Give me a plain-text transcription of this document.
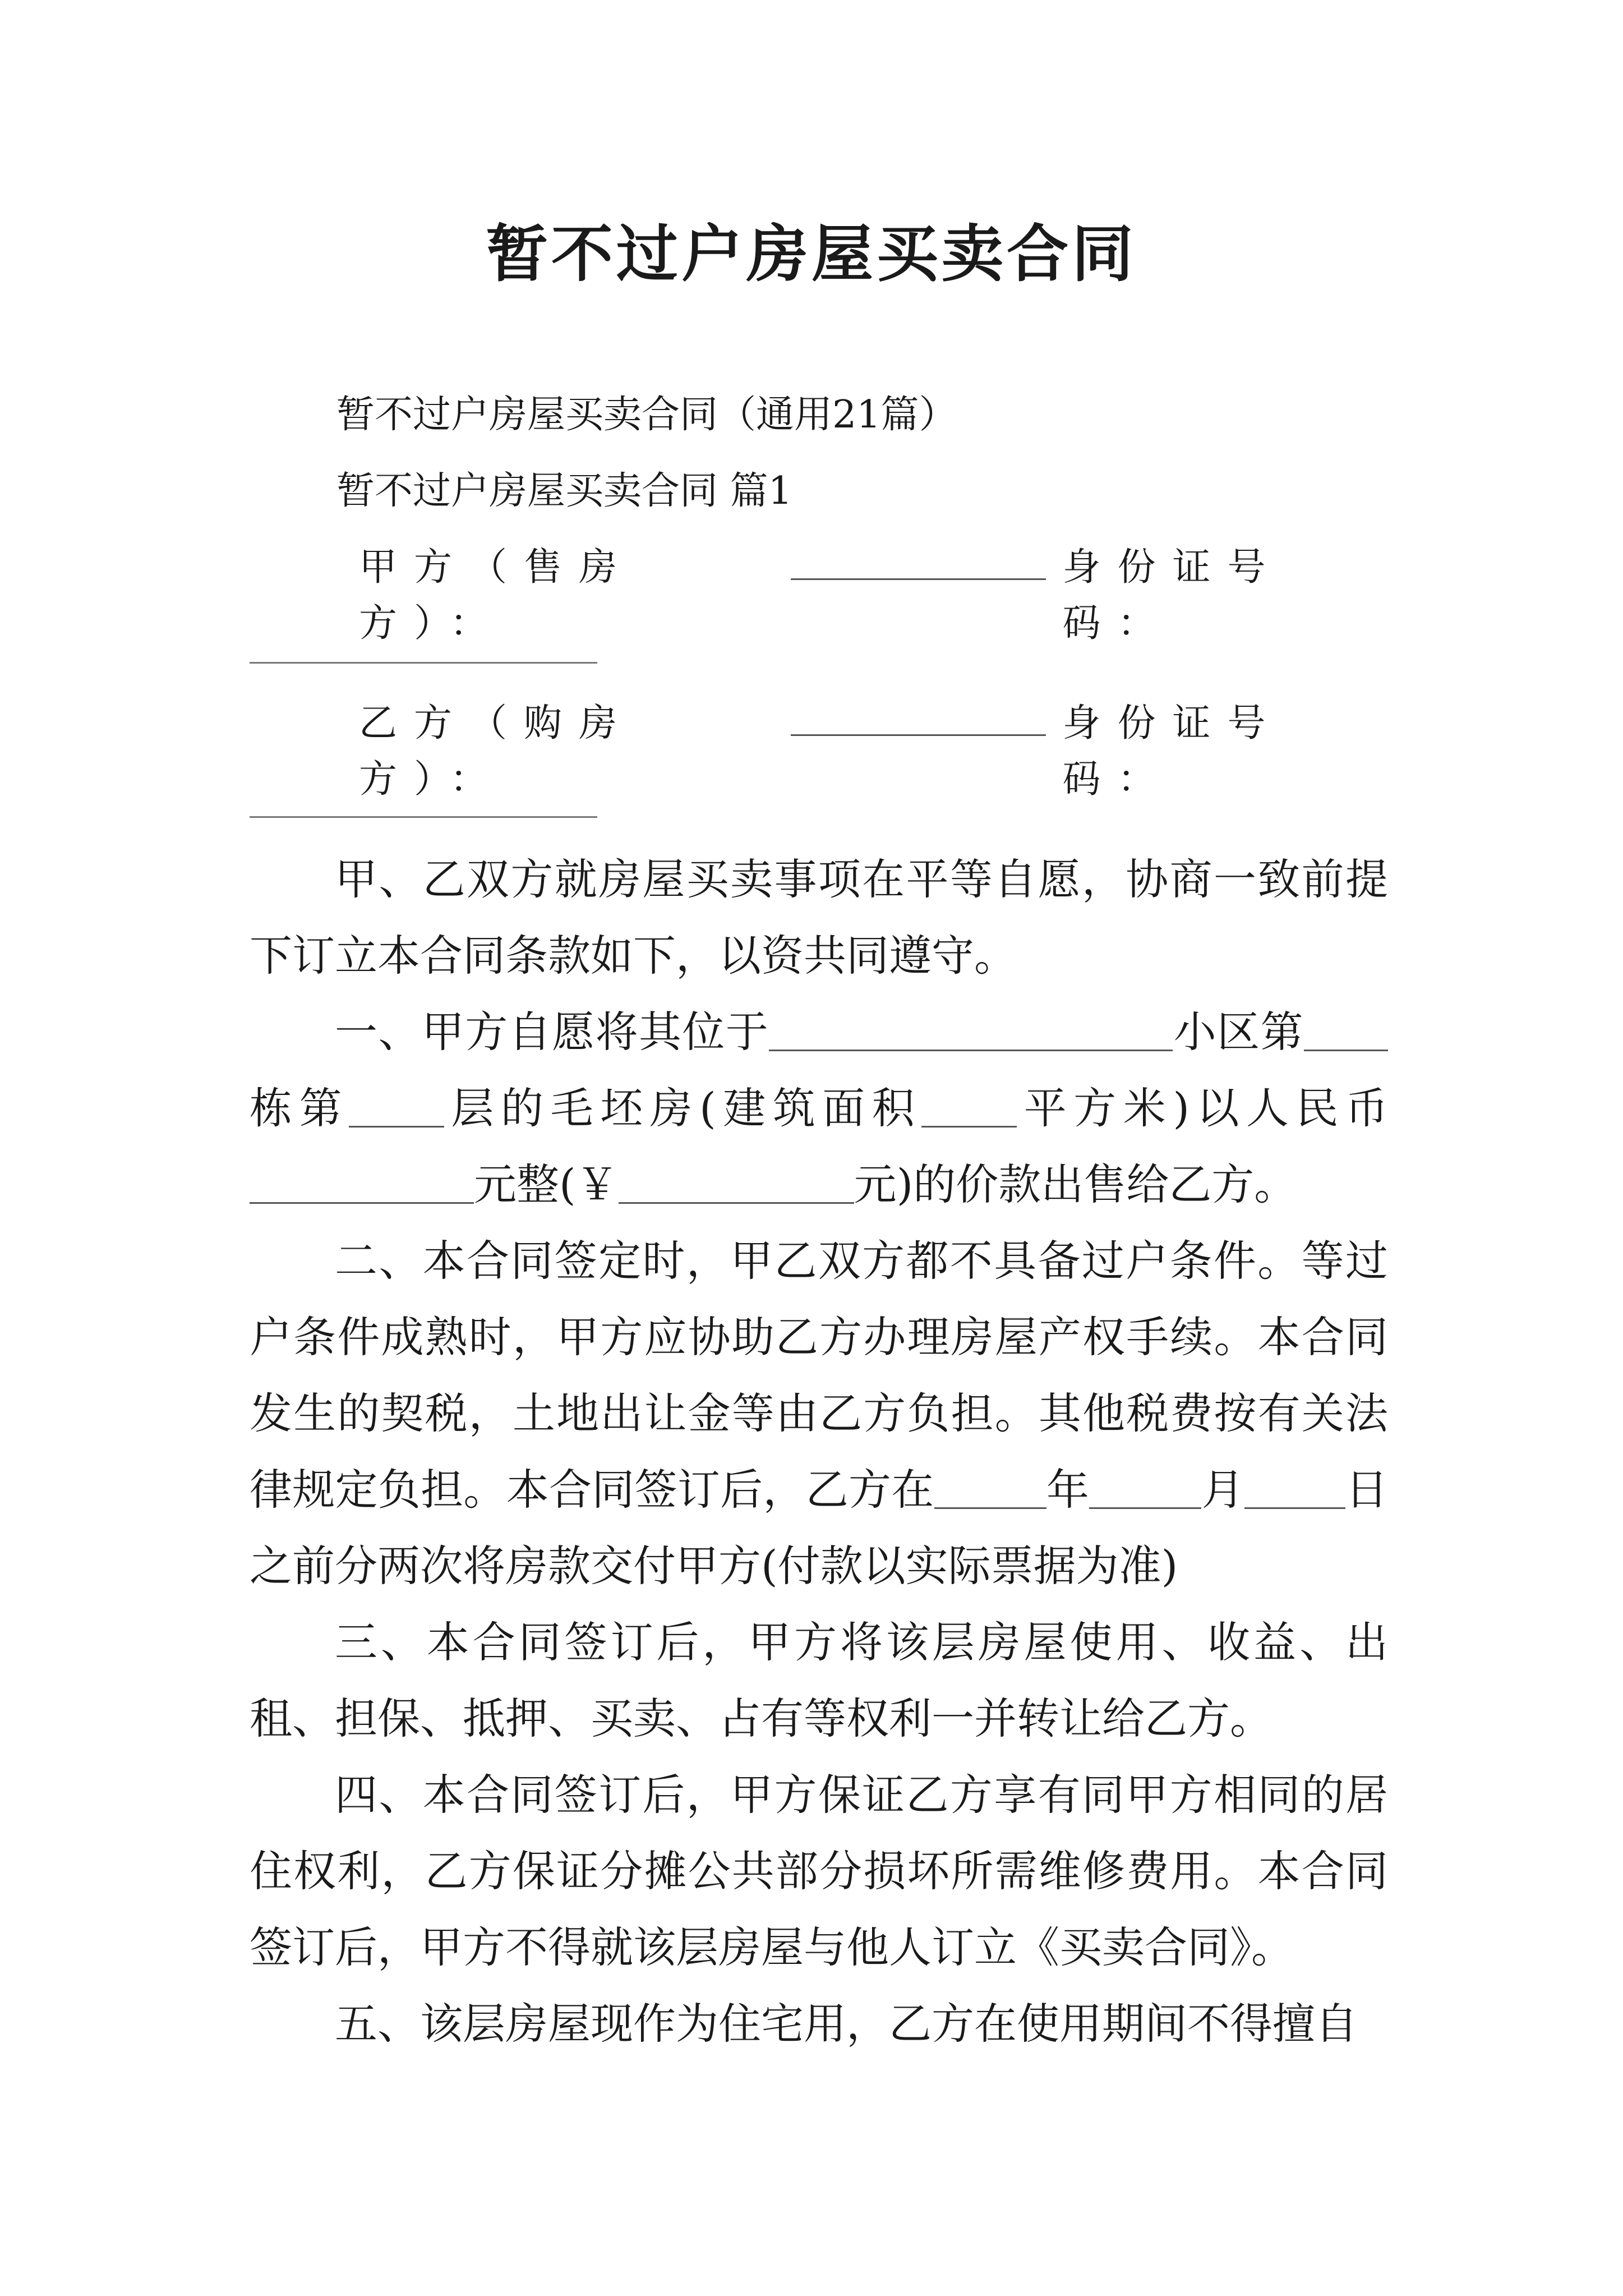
暂不过户房屋买卖合同
暂不过户房屋买卖合同（通用21篇）
暂不过户房屋买卖合同 篇1
甲方（售房方）：
身份证号码：
乙方（购房方）：
身份证号码：

甲、乙双方就房屋买卖事项在平等自愿，协商一致前提下订立本合同条款如下，以资共同遵守。

一、甲方自愿将其位于	小区第栋第 层的毛坯房(建筑面积 平方米)以人民币元整(￥	元)的价款出售给乙方。

二、本合同签定时，甲乙双方都不具备过户条件。等过户条件成熟时，甲方应协助乙方办理房屋产权手续。本合同发生的契税，土地出让金等由乙方负担。其他税费按有关法律规定负担。本合同签订后，乙方在	年	月 日之前分两次将房款交付甲方(付款以实际票据为准)

三、本合同签订后，甲方将该层房屋使用、收益、出租、担保、抵押、买卖、占有等权利一并转让给乙方。

四、本合同签订后，甲方保证乙方享有同甲方相同的居住权利，乙方保证分摊公共部分损坏所需维修费用。本合同签订后，甲方不得就该层房屋与他人订立《买卖合同》。

五、该层房屋现作为住宅用，乙方在使用期间不得擅自
